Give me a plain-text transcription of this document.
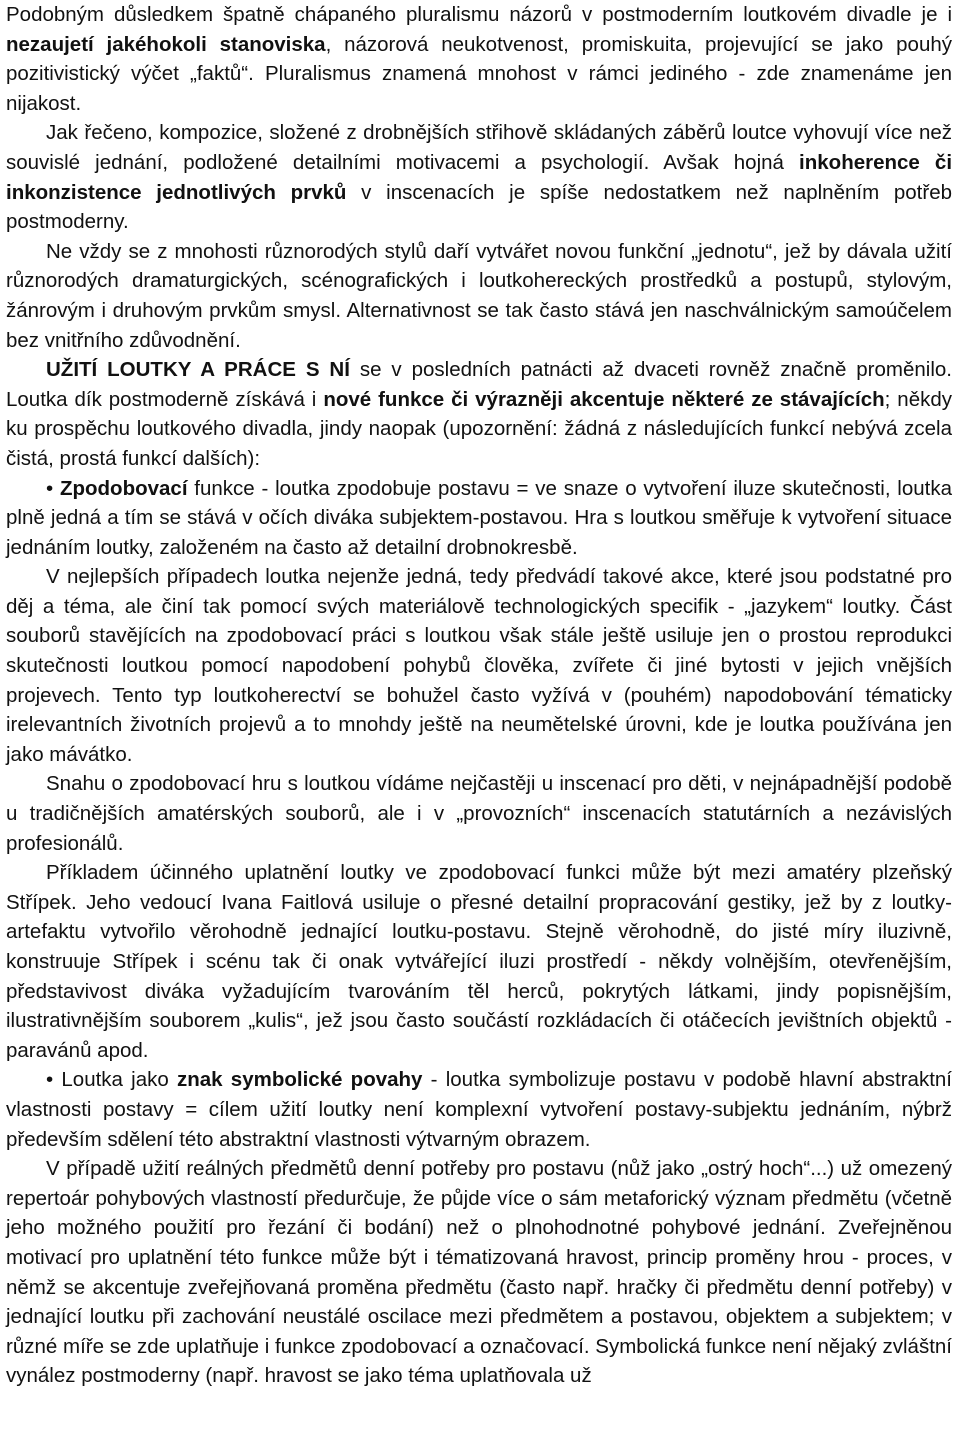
Podobným důsledkem špatně chápaného pluralismu názorů v postmoderním loutkovém divadle je i nezaujetí jakéhokoli stanoviska, názorová neukotvenost, promiskuita, projevující se jako pouhý pozitivistický výčet „faktů“. Pluralismus znamená mnohost v rámci jediného - zde znamenáme jen nijakost.

Jak řečeno, kompozice, složené z drobnějších střihově skládaných záběrů loutce vyhovují více než souvislé jednání, podložené detailními motivacemi a psychologií. Avšak hojná inkoherence či inkonzistence jednotlivých prvků v inscenacích je spíše nedostatkem než naplněním potřeb postmoderny.

Ne vždy se z mnohosti různorodých stylů daří vytvářet novou funkční „jednotu“, jež by dávala užití různorodých dramaturgických, scénografických i loutkohereckých prostředků a postupů, stylovým, žánrovým i druhovým prvkům smysl. Alternativnost se tak často stává jen naschválnickým samoúčelem bez vnitřního zdůvodnění.

UŽITÍ LOUTKY A PRÁCE S NÍ se v posledních patnácti až dvaceti rovněž značně proměnilo. Loutka dík postmoderně získává i nové funkce či výrazněji akcentuje některé ze stávajících; někdy ku prospěchu loutkového divadla, jindy naopak (upozornění: žádná z následujících funkcí nebývá zcela čistá, prostá funkcí dalších):

• Zpodobovací funkce - loutka zpodobuje postavu = ve snaze o vytvoření iluze skutečnosti, loutka plně jedná a tím se stává v očích diváka subjektem-postavou. Hra s loutkou směřuje k vytvoření situace jednáním loutky, založeném na často až detailní drobnokresbě.

V nejlepších případech loutka nejenže jedná, tedy předvádí takové akce, které jsou podstatné pro děj a téma, ale činí tak pomocí svých materiálově technologických specifik - „jazykem“ loutky. Část souborů stavějících na zpodobovací práci s loutkou však stále ještě usiluje jen o prostou reprodukci skutečnosti loutkou pomocí napodobení pohybů člověka, zvířete či jiné bytosti v jejich vnějších projevech. Tento typ loutkoherectví se bohužel často vyžívá v (pouhém) napodobování tématicky irelevantních životních projevů a to mnohdy ještě na neumětelské úrovni, kde je loutka používána jen jako mávátko.

Snahu o zpodobovací hru s loutkou vídáme nejčastěji u inscenací pro děti, v nejnápadnější podobě u tradičnějších amatérských souborů, ale i v „provozních“ inscenacích statutárních a nezávislých profesionálů.

Příkladem účinného uplatnění loutky ve zpodobovací funkci může být mezi amatéry plzeňský Střípek. Jeho vedoucí Ivana Faitlová usiluje o přesné detailní propracování gestiky, jež by z loutky-artefaktu vytvořilo věrohodně jednající loutku-postavu. Stejně věrohodně, do jisté míry iluzivně, konstruuje Střípek i scénu tak či onak vytvářející iluzi prostředí - někdy volnějším, otevřenějším, představivost diváka vyžadujícím tvarováním těl herců, pokrytých látkami, jindy popisnějším, ilustrativnějším souborem „kulis“, jež jsou často součástí rozkládacích či otáčecích jevištních objektů - paravánů apod.

• Loutka jako znak symbolické povahy - loutka symbolizuje postavu v podobě hlavní abstraktní vlastnosti postavy = cílem užití loutky není komplexní vytvoření postavy-subjektu jednáním, nýbrž především sdělení této abstraktní vlastnosti výtvarným obrazem.

V případě užití reálných předmětů denní potřeby pro postavu (nůž jako „ostrý hoch“...) už omezený repertoár pohybových vlastností předurčuje, že půjde více o sám metaforický význam předmětu (včetně jeho možného použití pro řezání či bodání) než o plnohodnotné pohybové jednání. Zveřejněnou motivací pro uplatnění této funkce může být i tématizovaná hravost, princip proměny hrou - proces, v němž se akcentuje zveřejňovaná proměna předmětu (často např. hračky či předmětu denní potřeby) v jednající loutku při zachování neustálé oscilace mezi předmětem a postavou, objektem a subjektem; v různé míře se zde uplatňuje i funkce zpodobovací a označovací. Symbolická funkce není nějaký zvláštní vynález postmoderny (např. hravost se jako téma uplatňovala už
